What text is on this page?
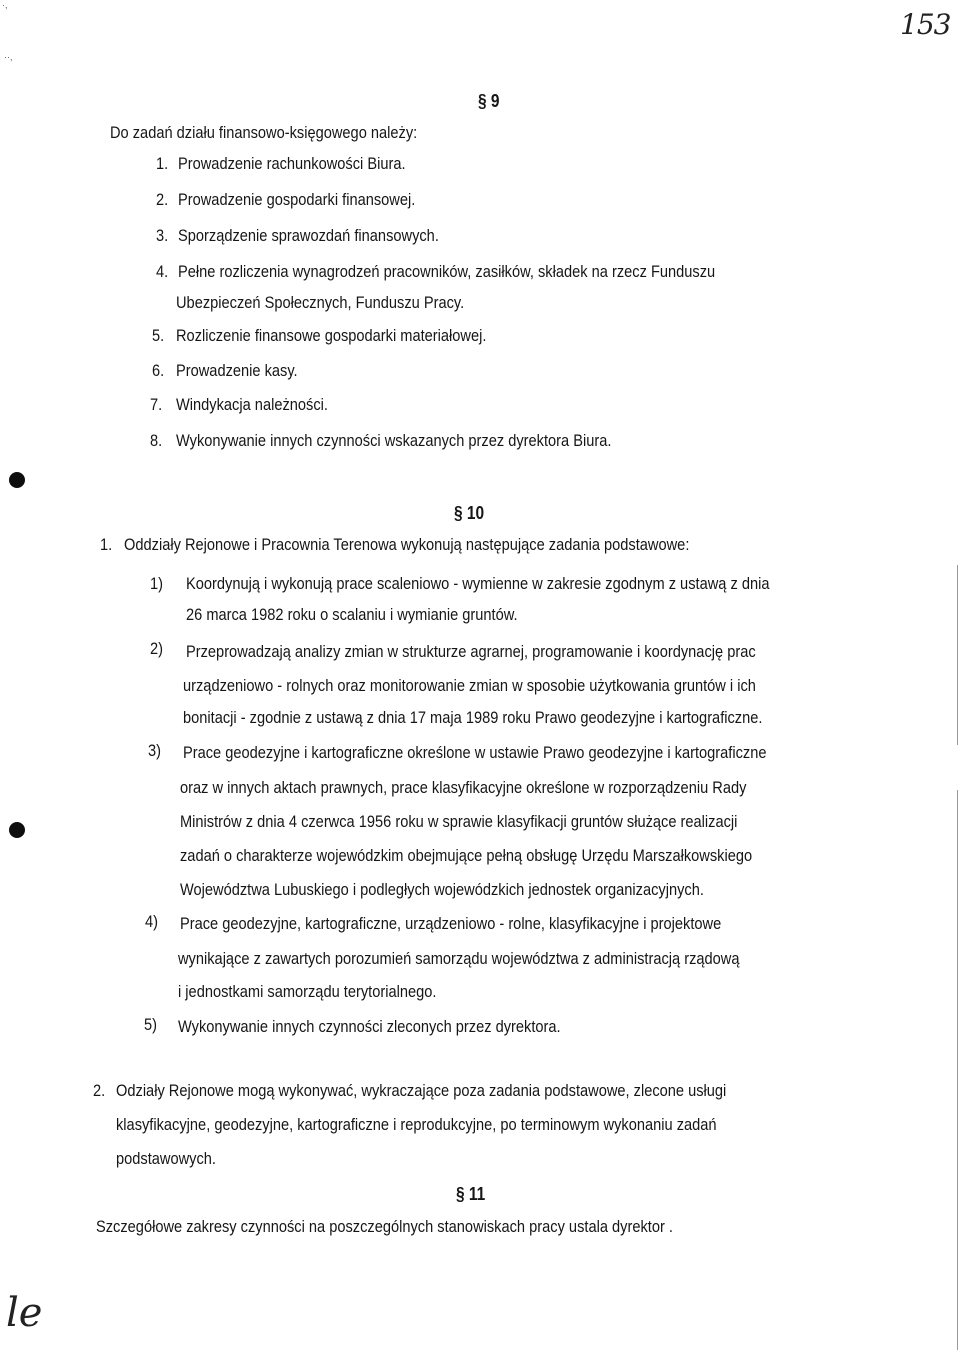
153
le
·,
··,
§ 9
Do zadań działu finansowo-księgowego należy:
1. Prowadzenie rachunkowości Biura.
2. Prowadzenie gospodarki finansowej.
3. Sporządzenie sprawozdań finansowych.
4. Pełne rozliczenia wynagrodzeń pracowników, zasiłków, składek na rzecz Funduszu
Ubezpieczeń Społecznych, Funduszu Pracy.
5. Rozliczenie finansowe gospodarki materiałowej.
6. Prowadzenie kasy.
7. Windykacja należności.
8. Wykonywanie innych czynności wskazanych przez dyrektora Biura.
§ 10
1. Oddziały Rejonowe i Pracownia Terenowa wykonują następujące zadania podstawowe:
1) Koordynują i wykonują prace scaleniowo - wymienne w zakresie zgodnym z ustawą z dnia
26 marca 1982 roku o scalaniu i wymianie gruntów.
2) Przeprowadzają analizy zmian w strukturze agrarnej, programowanie i koordynację prac
urządzeniowo - rolnych oraz monitorowanie zmian w sposobie użytkowania gruntów i ich
bonitacji - zgodnie z ustawą z dnia 17 maja 1989 roku Prawo geodezyjne i kartograficzne.
3) Prace geodezyjne i kartograficzne określone w ustawie Prawo geodezyjne i kartograficzne
oraz w innych aktach prawnych, prace klasyfikacyjne określone w rozporządzeniu Rady
Ministrów z dnia 4 czerwca 1956 roku w sprawie klasyfikacji gruntów służące realizacji
zadań o charakterze wojewódzkim obejmujące pełną obsługę Urzędu Marszałkowskiego
Województwa Lubuskiego i podległych wojewódzkich jednostek organizacyjnych.
4) Prace geodezyjne, kartograficzne, urządzeniowo - rolne, klasyfikacyjne i projektowe
wynikające z zawartych porozumień samorządu województwa z administracją rządową
i jednostkami samorządu terytorialnego.
5) Wykonywanie innych czynności zleconych przez dyrektora.
2. Odziały Rejonowe mogą wykonywać, wykraczające poza zadania podstawowe, zlecone usługi
klasyfikacyjne, geodezyjne, kartograficzne i reprodukcyjne, po terminowym wykonaniu zadań
podstawowych.
§ 11
Szczegółowe zakresy czynności na poszczególnych stanowiskach pracy ustala dyrektor .
